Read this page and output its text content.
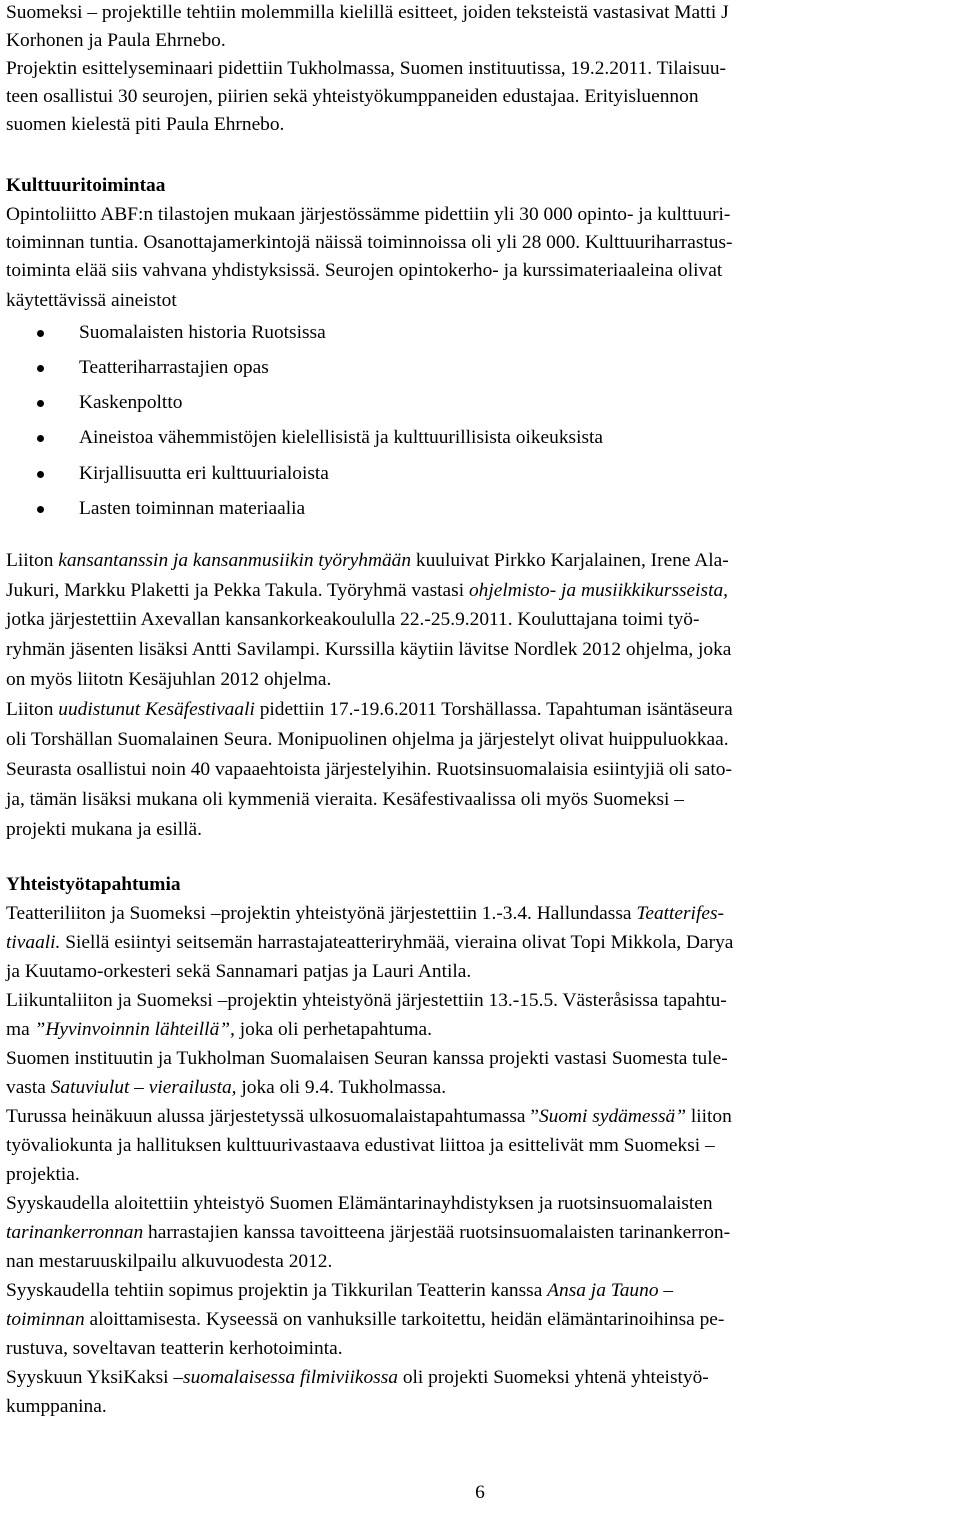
Suomeksi – projektille tehtiin molemmilla kielillä esitteet, joiden teksteistä vastasivat Matti J
Korhonen ja Paula Ehrnebo.
Projektin esittelyseminaari pidettiin Tukholmassa, Suomen instituutissa, 19.2.2011. Tilaisuu-
teen osallistui 30 seurojen, piirien sekä yhteistyökumppaneiden edustajaa. Erityisluennon
suomen kielestä piti Paula Ehrnebo.
Kulttuuritoimintaa
Opintoliitto ABF:n tilastojen mukaan järjestössämme pidettiin yli 30 000 opinto- ja kulttuuri-
toiminnan tuntia. Osanottajamerkintojä näissä toiminnoissa oli yli 28 000. Kulttuuriharrastus-
toiminta elää siis vahvana yhdistyksissä. Seurojen opintokerho- ja kurssimateriaaleina olivat
käytettävissä aineistot
Suomalaisten historia Ruotsissa
Teatteriharrastajien opas
Kaskenpoltto
Aineistoa vähemmistöjen kielellisistä ja kulttuurillisista oikeuksista
Kirjallisuutta eri kulttuurialoista
Lasten toiminnan materiaalia
Liiton kansantanssin ja kansanmusiikin työryhmään kuuluivat Pirkko Karjalainen, Irene Ala-
Jukuri, Markku Plaketti ja Pekka Takula. Työryhmä vastasi ohjelmisto- ja musiikkikursseista,
jotka järjestettiin Axevallan kansankorkeakoululla 22.-25.9.2011. Kouluttajana toimi työ-
ryhmän jäsenten lisäksi Antti Savilampi. Kurssilla käytiin lävitse Nordlek 2012 ohjelma, joka
on myös liitotn Kesäjuhlan 2012 ohjelma.
Liiton uudistunut Kesäfestivaali pidettiin 17.-19.6.2011 Torshällassa. Tapahtuman isäntäseura
oli Torshällan Suomalainen Seura. Monipuolinen ohjelma ja järjestelyt olivat huippuluokkaa.
Seurasta osallistui noin 40 vapaaehtoista järjestelyihin. Ruotsinsuomalaisia esiintyjiä oli sato-
ja, tämän lisäksi mukana oli kymmeniä vieraita. Kesäfestivaalissa oli myös Suomeksi –
projekti mukana ja esillä.
Yhteistyötapahtumia
Teatteriliiton ja Suomeksi –projektin yhteistyönä järjestettiin 1.-3.4. Hallundassa Teatterifes-
tivaali. Siellä esiintyi seitsemän harrastajateatteriryhmää, vieraina olivat Topi Mikkola, Darya
ja Kuutamo-orkesteri sekä Sannamari patjas ja Lauri Antila.
Liikuntaliiton ja Suomeksi –projektin yhteistyönä järjestettiin 13.-15.5. Västeråsissa tapahtu-
ma ”Hyvinvoinnin lähteillä”, joka oli perhetapahtuma.
Suomen instituutin ja Tukholman Suomalaisen Seuran kanssa projekti vastasi Suomesta tule-
vasta Satuviulut – vierailusta, joka oli 9.4. Tukholmassa.
Turussa heinäkuun alussa järjestetyssä ulkosuomalaistapahtumassa ”Suomi sydämessä” liiton
työvaliokunta ja hallituksen kulttuurivastaava edustivat liittoa ja esittelivät mm Suomeksi –
projektia.
Syyskaudella aloitettiin yhteistyö Suomen Elämäntarinayhdistyksen ja ruotsinsuomalaisten
tarinankerronnan harrastajien kanssa tavoitteena järjestää ruotsinsuomalaisten tarinankerron-
nan mestaruuskilpailu alkuvuodesta 2012.
Syyskaudella tehtiin sopimus projektin ja Tikkurilan Teatterin kanssa Ansa ja Tauno –
toiminnan aloittamisesta. Kyseessä on vanhuksille tarkoitettu, heidän elämäntarinoihinsa pe-
rustuva, soveltavan teatterin kerhotoiminta.
Syyskuun YksiKaksi –suomalaisessa filmiviikossa oli projekti Suomeksi yhtenä yhteistyö-
kumppanina.
6
